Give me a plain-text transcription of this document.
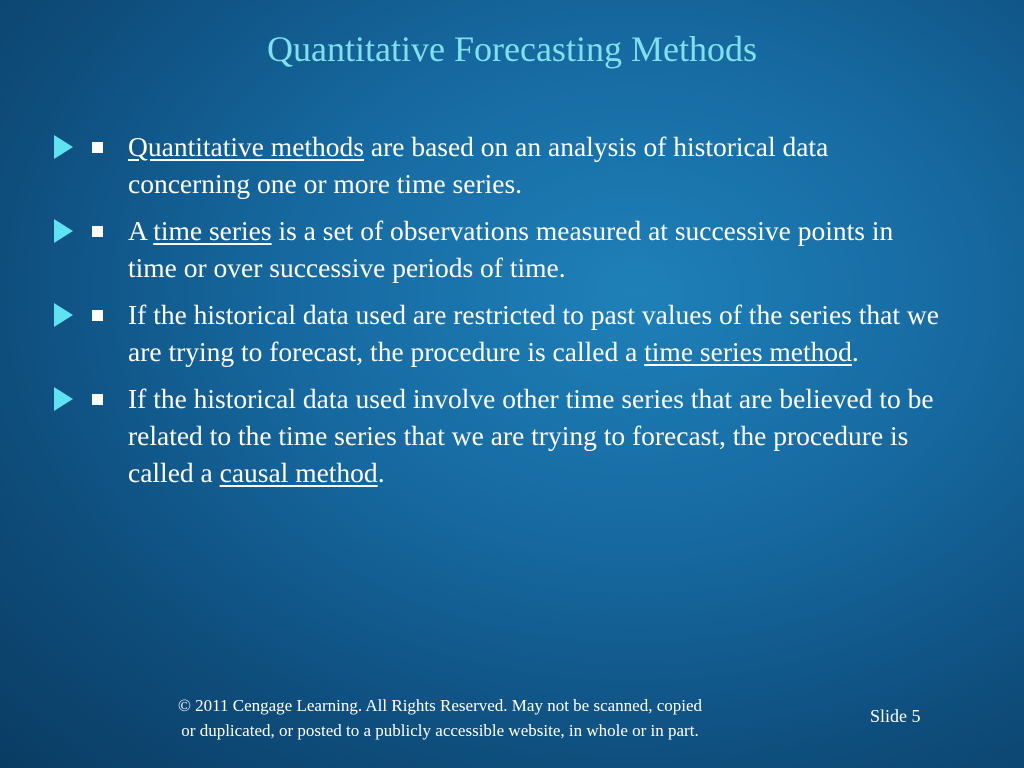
Quantitative Forecasting Methods
Quantitative methods are based on an analysis of historical data concerning one or more time series.
A time series is a set of observations measured at successive points in time or over successive periods of time.
If the historical data used are restricted to past values of the series that we are trying to forecast, the procedure is called a time series method.
If the historical data used involve other time series that are believed to be related to the time series that we are trying to forecast, the procedure is called a causal method.
© 2011 Cengage Learning. All Rights Reserved. May not be scanned, copied
or duplicated, or posted to a publicly accessible website, in whole or in part.
Slide 5
